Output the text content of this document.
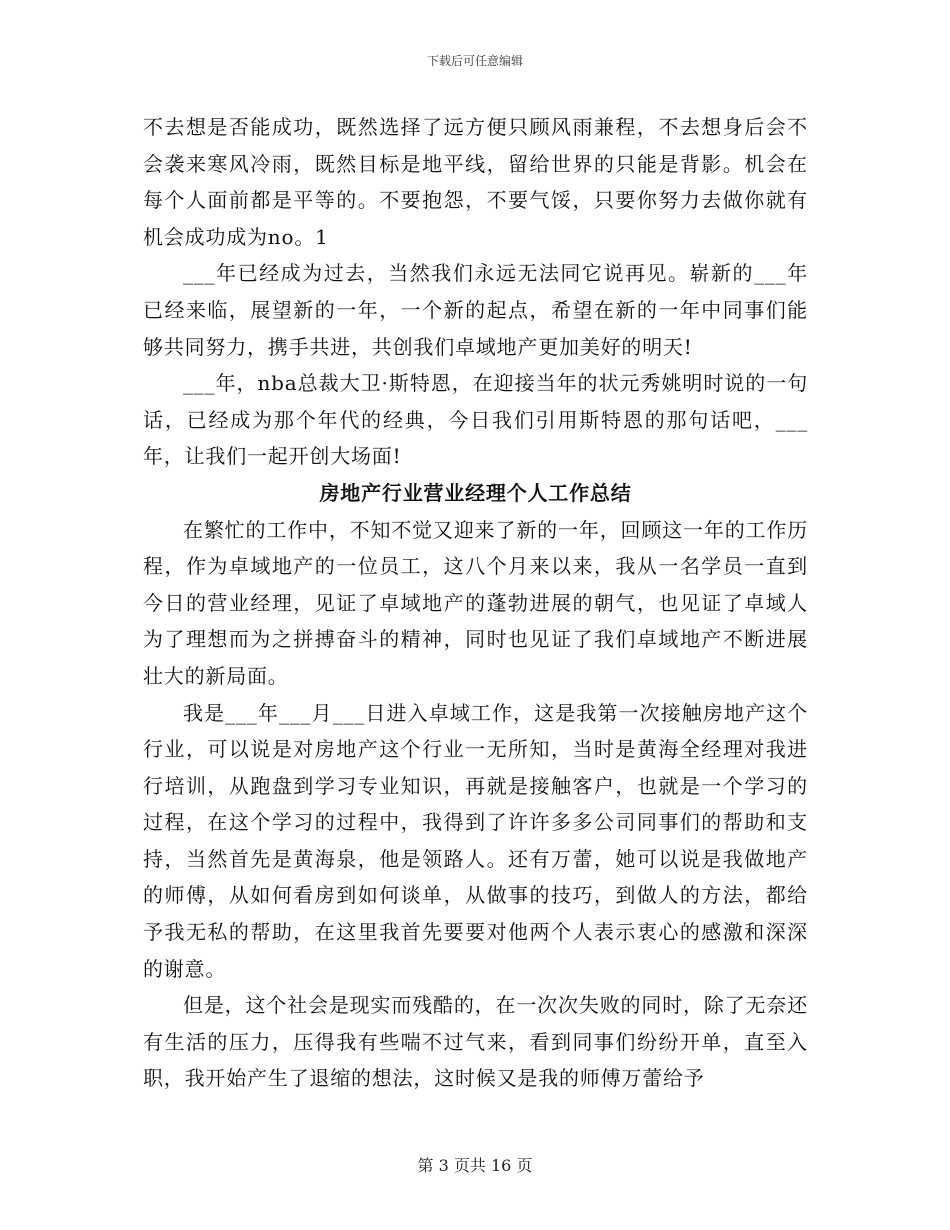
下载后可任意编辑

不去想是否能成功，既然选择了远方便只顾风雨兼程，不去想身后会不会袭来寒风冷雨，既然目标是地平线，留给世界的只能是背影。机会在每个人面前都是平等的。不要抱怨，不要气馁，只要你努力去做你就有机会成功成为no。1

___年已经成为过去，当然我们永远无法同它说再见。崭新的___年已经来临，展望新的一年，一个新的起点，希望在新的一年中同事们能够共同努力，携手共进，共创我们卓域地产更加美好的明天!

___年，nba总裁大卫·斯特恩，在迎接当年的状元秀姚明时说的一句话，已经成为那个年代的经典，今日我们引用斯特恩的那句话吧，___年，让我们一起开创大场面!

房地产行业营业经理个人工作总结

在繁忙的工作中，不知不觉又迎来了新的一年，回顾这一年的工作历程，作为卓域地产的一位员工，这八个月来以来，我从一名学员一直到今日的营业经理，见证了卓域地产的蓬勃进展的朝气，也见证了卓域人为了理想而为之拼搏奋斗的精神，同时也见证了我们卓域地产不断进展壮大的新局面。

我是___年___月___日进入卓域工作，这是我第一次接触房地产这个行业，可以说是对房地产这个行业一无所知，当时是黄海全经理对我进行培训，从跑盘到学习专业知识，再就是接触客户，也就是一个学习的过程，在这个学习的过程中，我得到了许许多多公司同事们的帮助和支持，当然首先是黄海泉，他是领路人。还有万蕾，她可以说是我做地产的师傅，从如何看房到如何谈单，从做事的技巧，到做人的方法，都给予我无私的帮助，在这里我首先要要对他两个人表示衷心的感激和深深的谢意。

但是，这个社会是现实而残酷的，在一次次失败的同时，除了无奈还有生活的压力，压得我有些喘不过气来，看到同事们纷纷开单，直至入职，我开始产生了退缩的想法，这时候又是我的师傅万蕾给予

第 3 页共 16 页
